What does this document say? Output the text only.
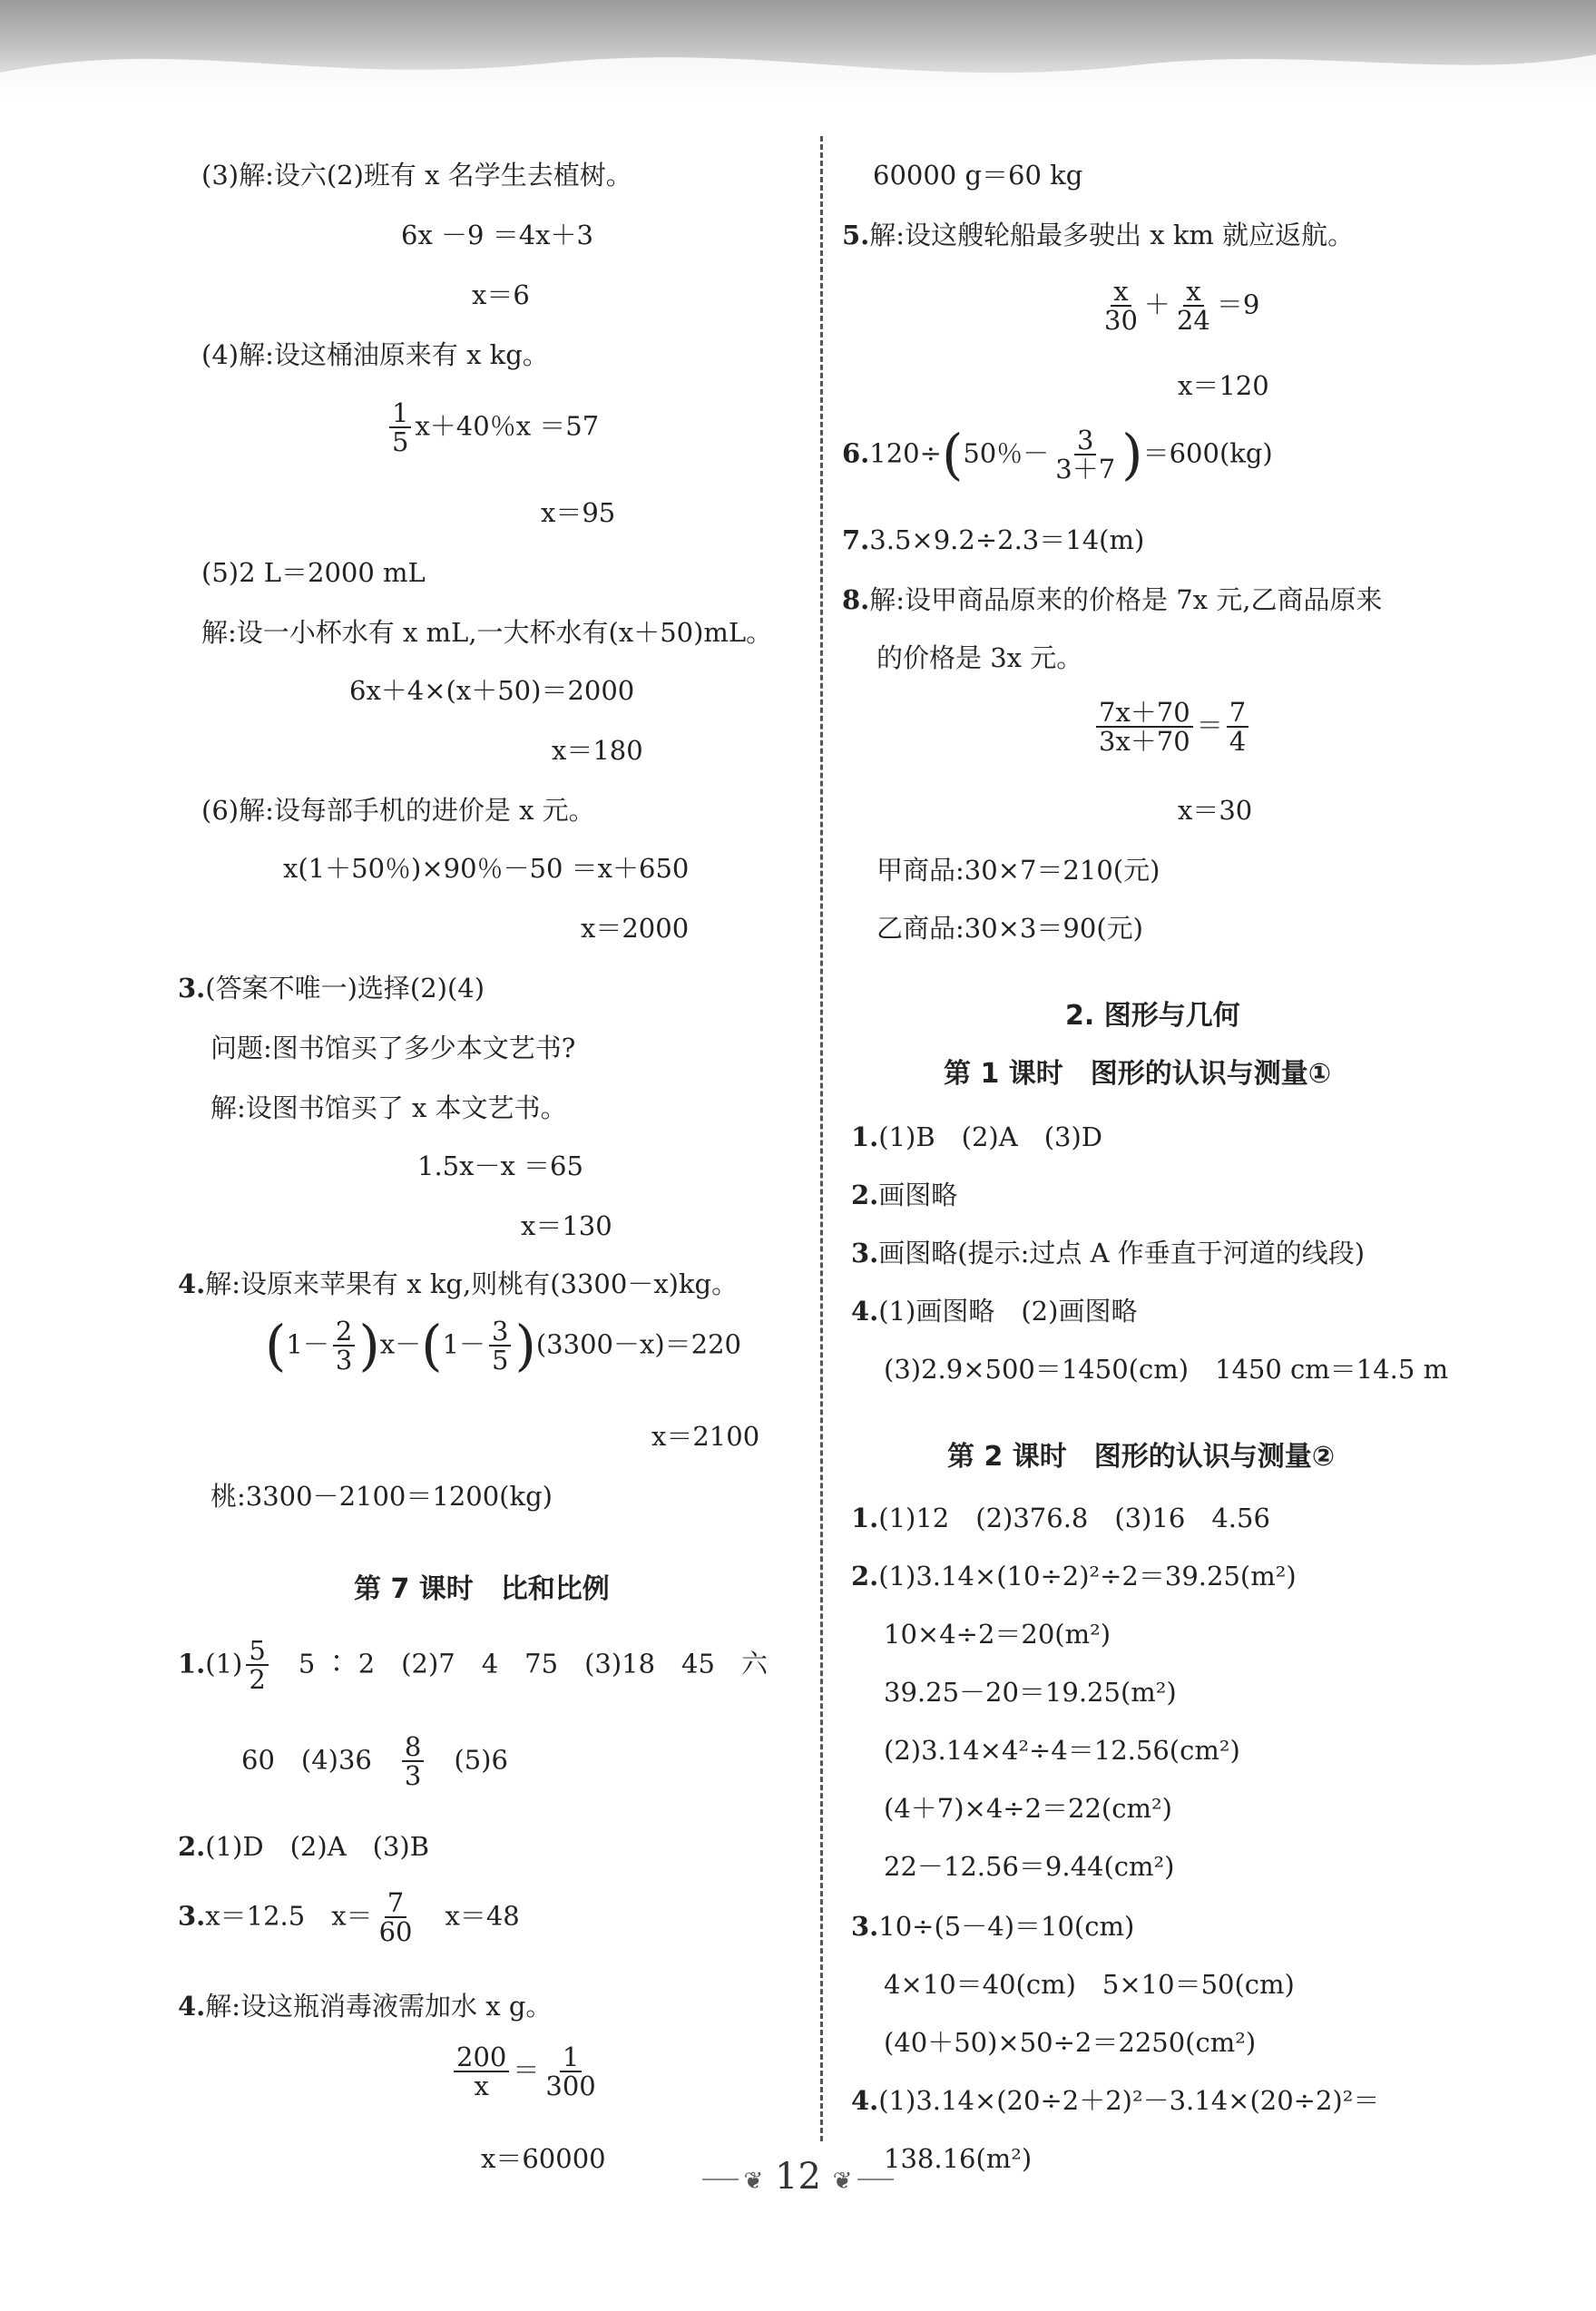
(3)解:设六(2)班有 x 名学生去植树。
6x －9 ＝4x＋3
x＝6
(4)解:设这桶油原来有 x kg。
$\frac{1}{5} x+40$％x ＝57
x＝95
(5)2 L＝2000 mL
解:设一小杯水有 x mL,一大杯水有(x＋50)mL。
6x＋4×(x＋50)＝2000
x＝180
(6)解:设每部手机的进价是 x 元。
x(1＋50％)×90％－50 ＝x＋650
x＝2000
3.(答案不唯一)选择(2)(4)
问题:图书馆买了多少本文艺书?
解:设图书馆买了 x 本文艺书。
1.5x－x ＝65
x＝130
4.解:设原来苹果有 x kg,则桃有(3300－x)kg。
$(1- \frac{2}{3} )x-(1- \frac{3}{5} )(3300-x)=220$
x＝2100
桃:3300－2100＝1200(kg)
第 7 课时　比和比例
$1.(1) \frac{5}{2}$
　 5 ∶ 2　(2)7　4　75　(3)18　45　六
60　(4)36　 $\frac{8}{3}$
　 (5)6
2.(1)D　(2)A　(3)B
3.x＝12.5　$x= \frac{7}{60}$
　 x＝48
4.解:设这瓶消毒液需加水 x g。
$\frac{200}{x} = \frac{1}{300}$
x＝60000
60000 g＝60 kg
5.解:设这艘轮船最多驶出 x km 就应返航。
$\frac{x}{30} + \frac{x}{24} =9$
x＝120
6.120÷(50％－ $\frac{3}{3+7} )=600(kg)$
7.3.5×9.2÷2.3＝14(m)
8.解:设甲商品原来的价格是 7x 元,乙商品原来
的价格是 3x 元。
$\frac{7x+70}{3x+70} = \frac{7}{4}$
x＝30
甲商品:30×7＝210(元)
乙商品:30×3＝90(元)
2. 图形与几何
第 1 课时　图形的认识与测量①
1.(1)B　(2)A　(3)D
2.画图略
3.画图略(提示:过点 A 作垂直于河道的线段)
4.(1)画图略　(2)画图略
(3)2.9×500＝1450(cm)　1450 cm＝14.5 m
第 2 课时　图形的认识与测量②
1.(1)12　(2)376.8　(3)16　4.56
2.(1)3.14×(10÷2)²÷2＝39.25(m²)
10×4÷2＝20(m²)
39.25－20＝19.25(m²)
(2)3.14×4²÷4＝12.56(cm²)
(4＋7)×4÷2＝22(cm²)
22－12.56＝9.44(cm²)
3.10÷(5－4)＝10(cm)
4×10＝40(cm)　5×10＝50(cm)
(40＋50)×50÷2＝2250(cm²)
4.(1)3.14×(20÷2＋2)²－3.14×(20÷2)²＝
138.16(m²)
❦ 12 ❦
